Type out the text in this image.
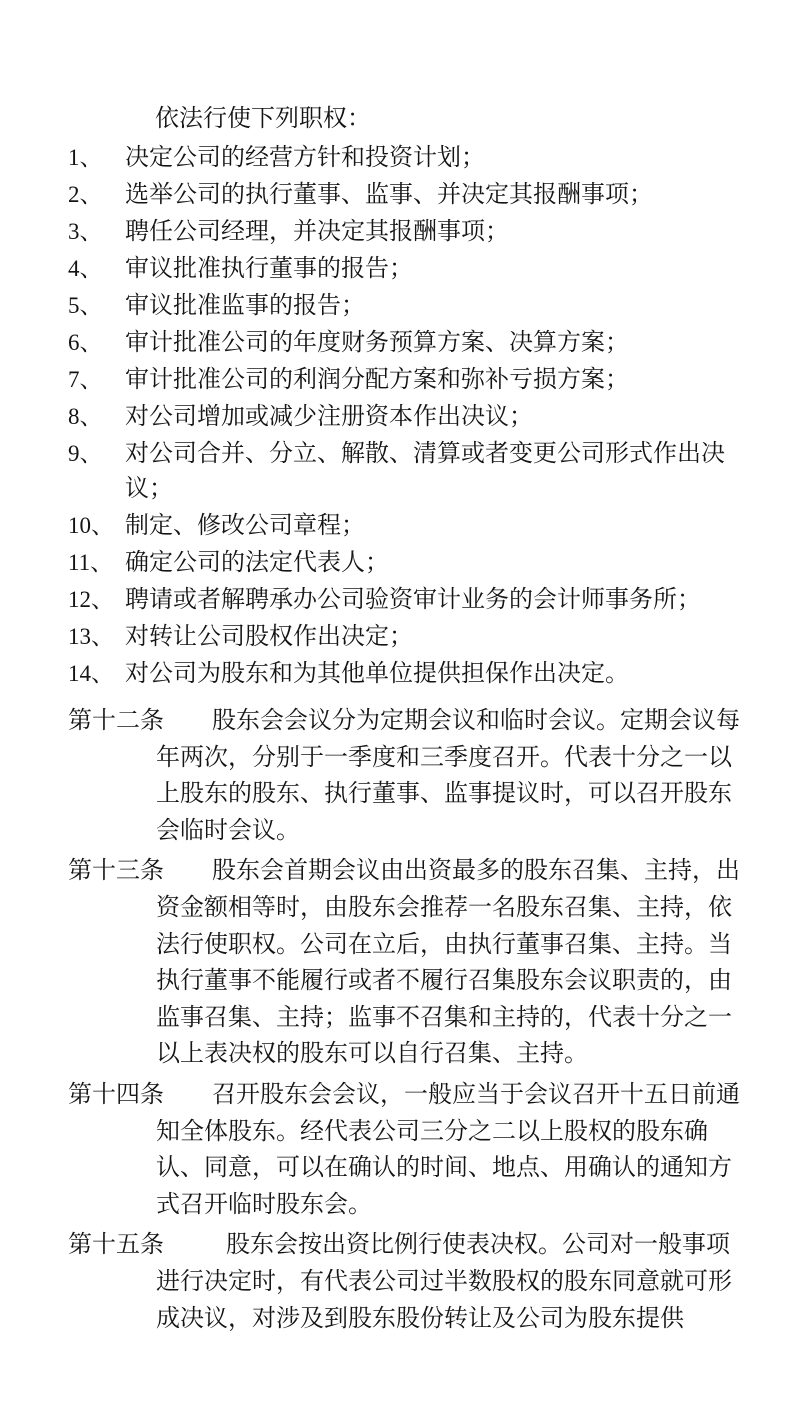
依法行使下列职权：
1、 决定公司的经营方针和投资计划；
2、 选举公司的执行董事、监事、并决定其报酬事项；
3、 聘任公司经理，并决定其报酬事项；
4、 审议批准执行董事的报告；
5、 审议批准监事的报告；
6、 审计批准公司的年度财务预算方案、决算方案；
7、 审计批准公司的利润分配方案和弥补亏损方案；
8、 对公司增加或减少注册资本作出决议；
9、 对公司合并、分立、解散、清算或者变更公司形式作出决议；
10、 制定、修改公司章程；
11、 确定公司的法定代表人；
12、 聘请或者解聘承办公司验资审计业务的会计师事务所；
13、 对转让公司股权作出决定；
14、 对公司为股东和为其他单位提供担保作出决定。
第十二条	股东会会议分为定期会议和临时会议。定期会议每年两次，分别于一季度和三季度召开。代表十分之一以上股东的股东、执行董事、监事提议时，可以召开股东会临时会议。
第十三条	股东会首期会议由出资最多的股东召集、主持，出资金额相等时，由股东会推荐一名股东召集、主持，依法行使职权。公司在立后，由执行董事召集、主持。当执行董事不能履行或者不履行召集股东会议职责的，由监事召集、主持；监事不召集和主持的，代表十分之一以上表决权的股东可以自行召集、主持。
第十四条	召开股东会会议，一般应当于会议召开十五日前通知全体股东。经代表公司三分之二以上股权的股东确认、同意，可以在确认的时间、地点、用确认的通知方式召开临时股东会。
第十五条	股东会按出资比例行使表决权。公司对一般事项进行决定时，有代表公司过半数股权的股东同意就可形成决议，对涉及到股东股份转让及公司为股东提供
